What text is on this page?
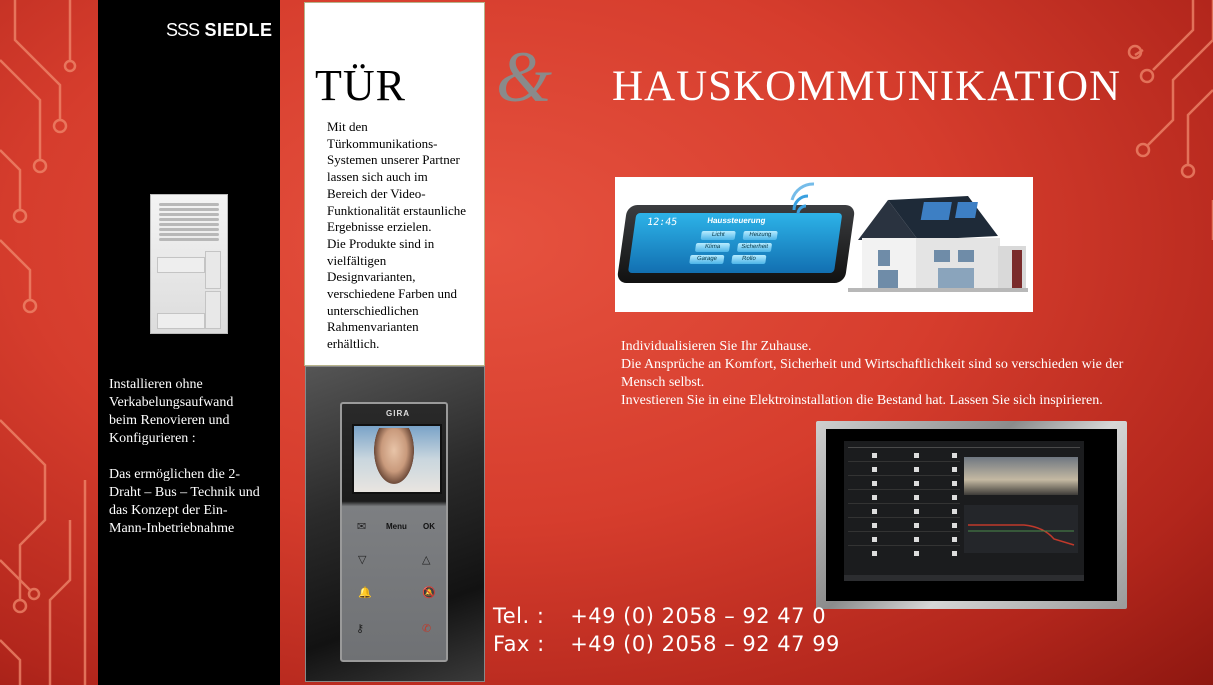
SSS SIEDLE

Installieren ohne

Verkabelungsaufwand

beim Renovieren und

Konfigurieren :

Das ermöglichen die 2-

Draht – Bus – Technik und

das Konzept der Ein-

Mann-Inbetriebnahme

TÜR

Mit den

Türkommunikations-

Systemen unserer Partner

lassen sich auch im

Bereich der Video-

Funktionalität erstaunliche

Ergebnisse erzielen.

Die Produkte sind in

vielfältigen

Designvarianten,

verschiedene Farben und

unterschiedlichen

Rahmenvarianten

erhältlich.

GIRA
✉ Menu OK
▽	△
🔔	🔕
⚷	✆
& HAUSKOMMUNIKATION
12:45	Haussteuerung
Licht	Heizung
Klima	Sicherheit
Garage	Rollo

Individualisieren Sie Ihr Zuhause.

Die Ansprüche an Komfort, Sicherheit und Wirtschaftlichkeit sind so verschieden wie der Mensch selbst.

Investieren Sie in eine Elektroinstallation die Bestand hat. Lassen Sie sich inspirieren.

Tel. : +49 (0) 2058 – 92 47 0
Fax : +49 (0) 2058 – 92 47 99
